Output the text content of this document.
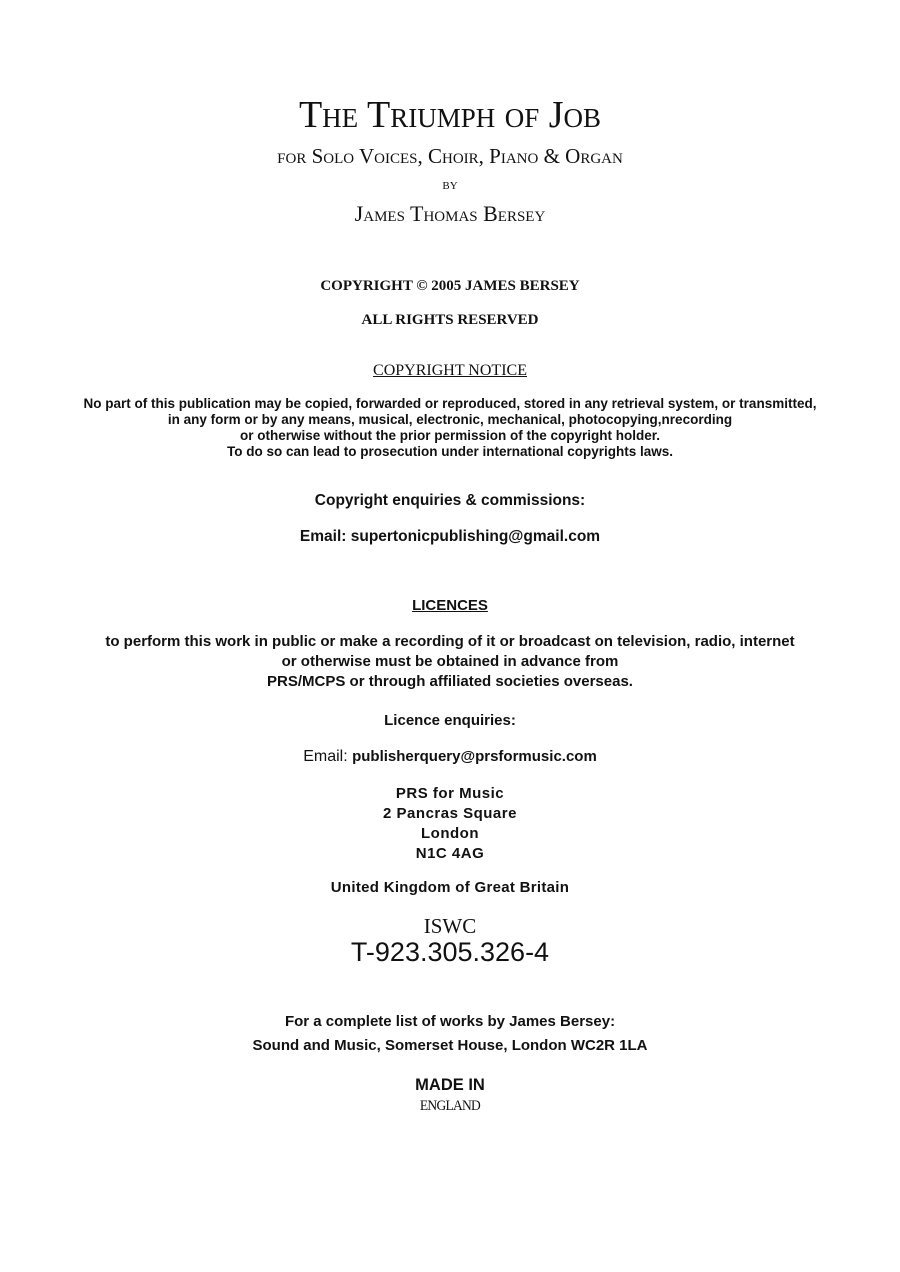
The Triumph of Job
for Solo Voices, Choir, Piano & Organ
by
James Thomas Bersey
COPYRIGHT © 2005 JAMES BERSEY
ALL RIGHTS RESERVED
COPYRIGHT NOTICE
No part of this publication may be copied, forwarded or reproduced, stored in any retrieval system, or transmitted,
in any form or by any means, musical, electronic, mechanical, photocopying,nrecording
or otherwise without the prior permission of the copyright holder.
To do so can lead to prosecution under international copyrights laws.
Copyright enquiries & commissions:
Email: supertonicpublishing@gmail.com
LICENCES
to perform this work in public or make a recording of it or broadcast on television, radio, internet
or otherwise must be obtained in advance from
PRS/MCPS or through affiliated societies overseas.
Licence enquiries:
Email: publisherquery@prsformusic.com
PRS for Music
2 Pancras Square
London
N1C 4AG
United Kingdom of Great Britain
ISWC
T-923.305.326-4
For a complete list of works by James Bersey:
Sound and Music, Somerset House, London WC2R 1LA
MADE IN
ENGLAND
